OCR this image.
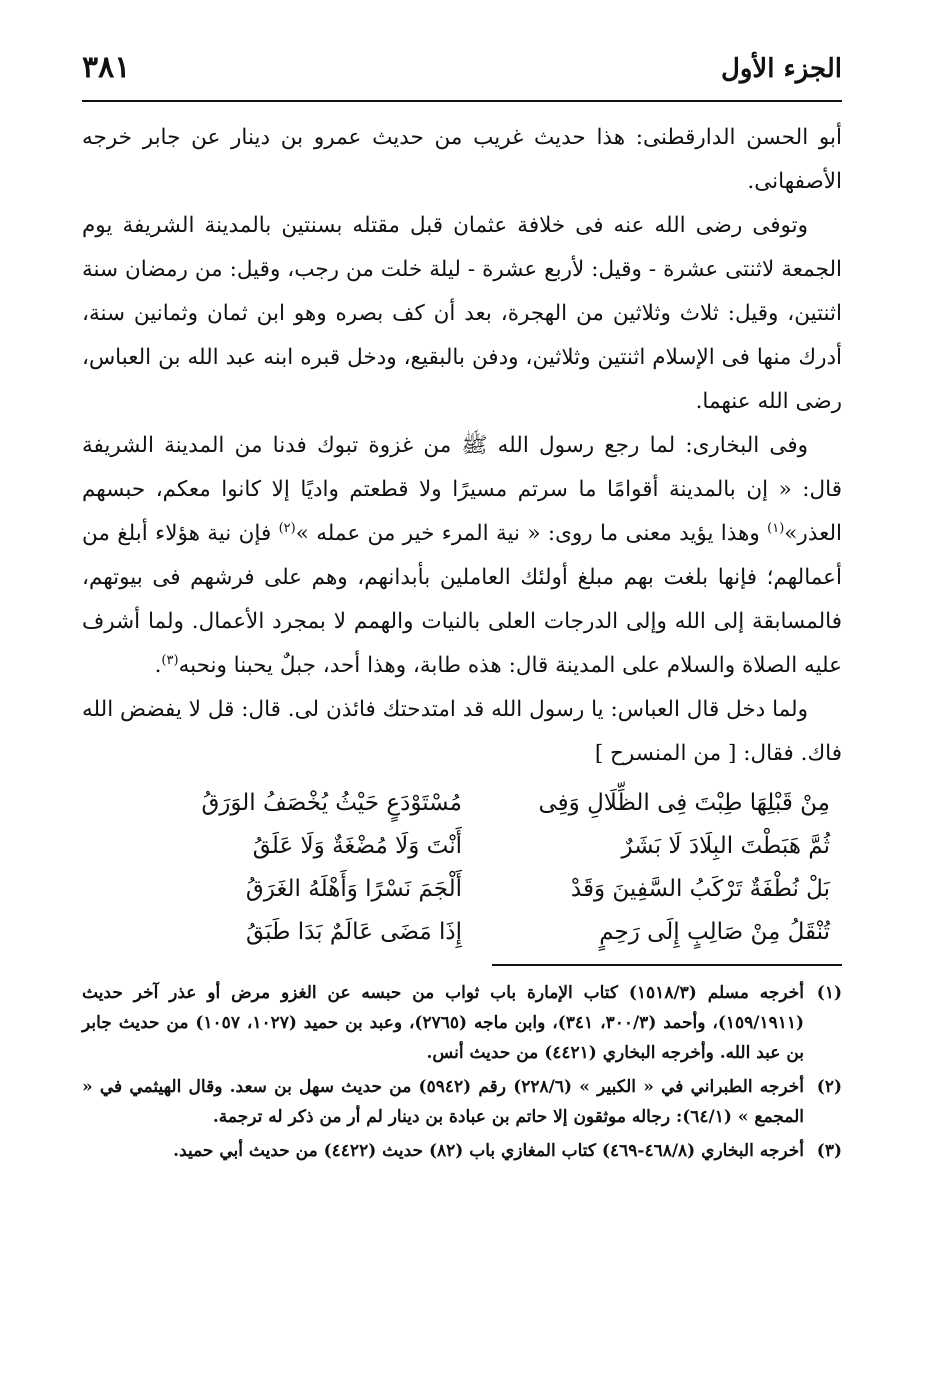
الجزء الأول
٣٨١

أبو الحسن الدارقطنى: هذا حديث غريب من حديث عمرو بن دينار عن جابر خرجه الأصفهانى.

وتوفى رضى الله عنه فى خلافة عثمان قبل مقتله بسنتين بالمدينة الشريفة يوم الجمعة لاثنتى عشرة - وقيل: لأربع عشرة - ليلة خلت من رجب، وقيل: من رمضان سنة اثنتين، وقيل: ثلاث وثلاثين من الهجرة، بعد أن كف بصره وهو ابن ثمان وثمانين سنة، أدرك منها فى الإسلام اثنتين وثلاثين، ودفن بالبقيع، ودخل قبره ابنه عبد الله بن العباس، رضى الله عنهما.

وفى البخارى: لما رجع رسول الله ﷺ من غزوة تبوك فدنا من المدينة الشريفة قال: « إن بالمدينة أقوامًا ما سرتم مسيرًا ولا قطعتم واديًا إلا كانوا معكم، حبسهم العذر»$^{(١)}$ وهذا يؤيد معنى ما روى: « نية المرء خير من عمله »$^{(٢)}$ فإن نية هؤلاء أبلغ من أعمالهم؛ فإنها بلغت بهم مبلغ أولئك العاملين بأبدانهم، وهم على فرشهم فى بيوتهم، فالمسابقة إلى الله وإلى الدرجات العلى بالنيات والهمم لا بمجرد الأعمال. ولما أشرف عليه الصلاة والسلام على المدينة قال: هذه طابة، وهذا أحد، جبلٌ يحبنا ونحبه$^{(٣)}$.

ولما دخل قال العباس: يا رسول الله قد امتدحتك فائذن لى. قال: قل لا يفضض الله فاك. فقال: [ من المنسرح ]

مِنْ قَبْلِهَا طِبْتَ فِى الظِّلَالِ وَفِى
مُسْتَوْدَعٍ حَيْثُ يُخْصَفُ الوَرَقُ
ثُمَّ هَبَطْتَ البِلَادَ لَا بَشَرٌ
أَنْتَ وَلَا مُضْغَةٌ وَلَا عَلَقُ
بَلْ نُطْفَةٌ تَرْكَبُ السَّفِينَ وَقَدْ
أَلْجَمَ نَسْرًا وَأَهْلَهُ الغَرَقُ
تُنْقَلُ مِنْ صَالِبٍ إِلَى رَحِمٍ
إِذَا مَضَى عَالَمٌ بَدَا طَبَقُ
(١)
أخرجه مسلم (١٥١٨/٣) كتاب الإمارة باب ثواب من حبسه عن الغزو مرض أو عذر آخر حديث (١٥٩/١٩١١)، وأحمد (٣٠٠/٣، ٣٤١)، وابن ماجه (٢٧٦٥)، وعبد بن حميد (١٠٢٧، ١٠٥٧) من حديث جابر بن عبد الله. وأخرجه البخاري (٤٤٢١) من حديث أنس.
(٢)
أخرجه الطبراني في « الكبير » (٢٢٨/٦) رقم (٥٩٤٢) من حديث سهل بن سعد. وقال الهيثمي في « المجمع » (٦٤/١): رجاله موثقون إلا حاتم بن عبادة بن دينار لم أر من ذكر له ترجمة.
(٣)
أخرجه البخاري (٤٦٨/٨-٤٦٩) كتاب المغازي باب (٨٢) حديث (٤٤٢٢) من حديث أبي حميد.
